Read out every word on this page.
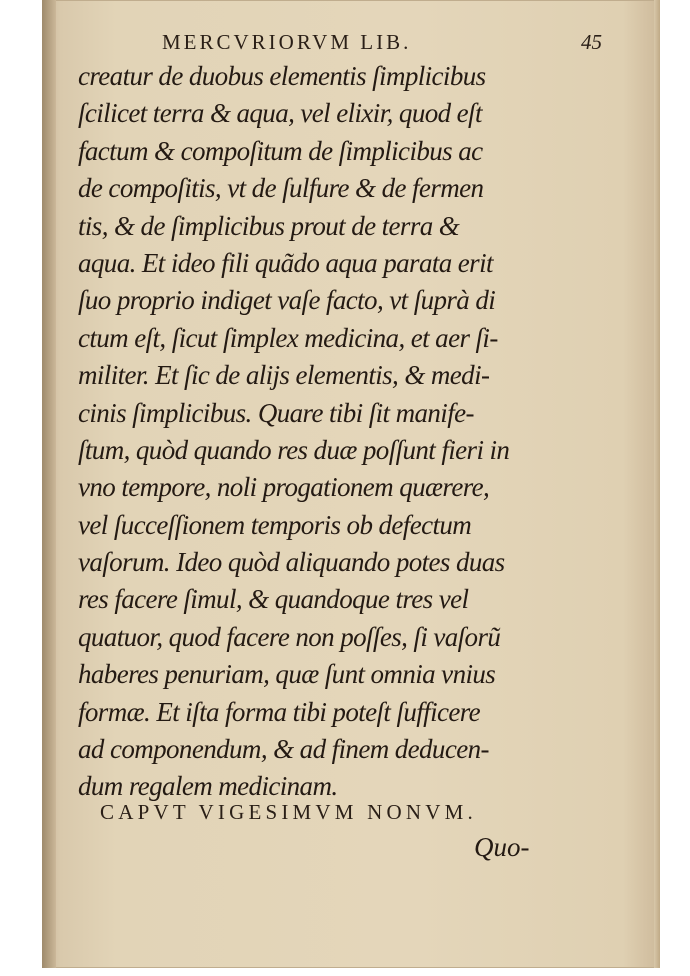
MERCVRIORVM LIB.	45
creatur de duobus elementis ſimplicibus
ſcilicet terra & aqua, vel elixir, quod eſt
factum & compoſitum de ſimplicibus ac
de compoſitis, vt de ſulfure & de fermen
tis, & de ſimplicibus prout de terra &
aqua. Et ideo fili quãdo aqua parata erit
ſuo proprio indiget vaſe facto, vt ſuprà di
ctum eſt, ſicut ſimplex medicina, et aer ſi-
militer. Et ſic de alijs elementis, & medi-
cinis ſimplicibus. Quare tibi ſit manife-
ſtum, quòd quando res duæ poſſunt fieri in
vno tempore, noli progationem quærere,
vel ſucceſſionem temporis ob defectum
vaſorum. Ideo quòd aliquando potes duas
res facere ſimul, & quandoque tres vel
quatuor, quod facere non poſſes, ſi vaſorũ
haberes penuriam, quæ ſunt omnia vnius
formæ. Et iſta forma tibi poteſt ſufficere
ad componendum, & ad finem deducen-
dum regalem medicinam.
CAPVT VIGESIMVM NONVM.
Quo-
